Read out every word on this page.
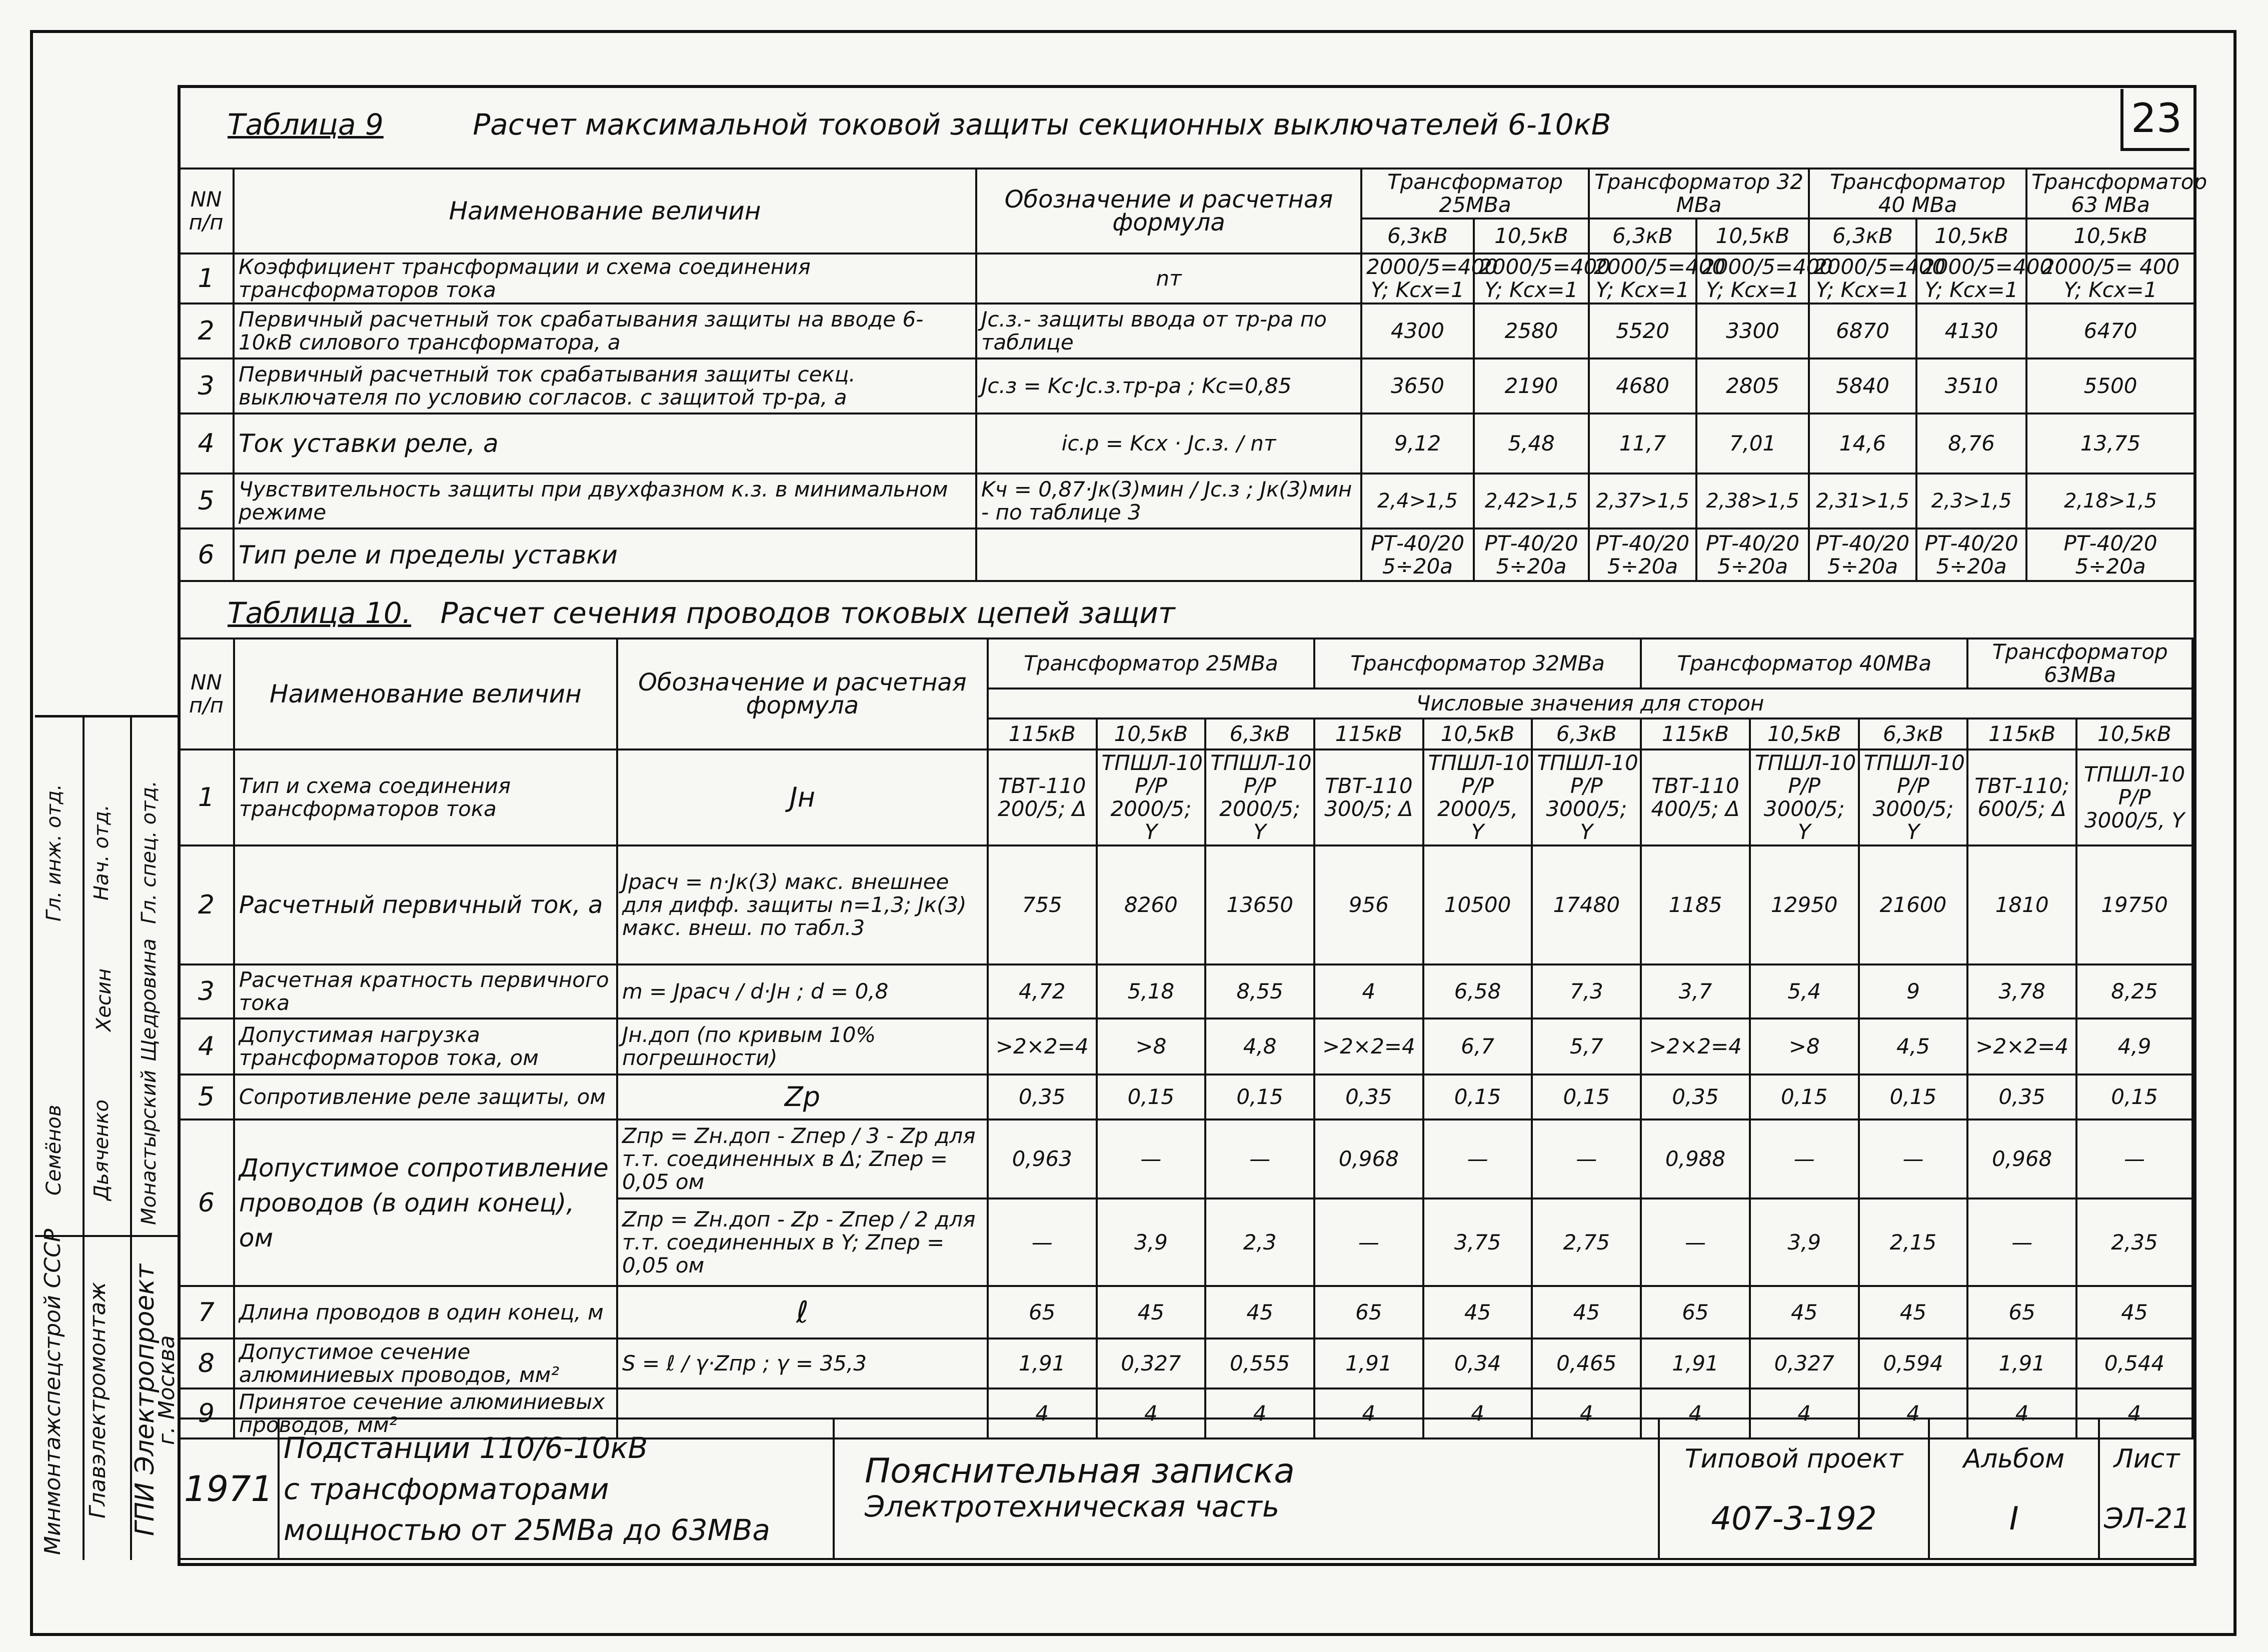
23
Таблица 9	Расчет максимальной токовой защиты секционных выключателей 6-10кВ
NN п/п	Наименование величин	Обозначение и расчетная формула	Трансформатор 25МВа		Трансформатор 32 МВа		Трансформатор 40 МВа		Трансформатор 63 МВа
			6,3кВ	10,5кВ	6,3кВ	10,5кВ	6,3кВ	10,5кВ	10,5кВ
1	Коэффициент трансформации и схема соединения трансформаторов тока	nт	2000/5=400 Y; Kсх=1	2000/5=400 Y; Kсх=1	2000/5=400 Y; Kсх=1	2000/5=400 Y; Kсх=1	2000/5=400 Y; Kсх=1	2000/5=400 Y; Kсх=1	2000/5= 400 Y; Kсх=1
2	Первичный расчетный ток срабатывания защиты на вводе 6-10кВ силового трансформатора, а	Jс.з.- защиты ввода от тр-ра по таблице	4300	2580	5520	3300	6870	4130	6470
3	Первичный расчетный ток срабатывания защиты секц. выключателя по условию согласов. с защитой тр-ра, а	Jс.з = Kс·Jс.з.тр-ра ; Kс=0,85	3650	2190	4680	2805	5840	3510	5500
4	Ток уставки реле, а	iс.р = Kсх · Jс.з. / nт	9,12	5,48	11,7	7,01	14,6	8,76	13,75
5	Чувствительность защиты при двухфазном к.з. в минимальном режиме	Kч = 0,87·Jк(3)мин / Jс.з ; Jк(3)мин - по таблице 3	2,4>1,5	2,42>1,5	2,37>1,5	2,38>1,5	2,31>1,5	2,3>1,5	2,18>1,5
6	Тип реле и пределы уставки		РТ-40/20 5÷20а	РТ-40/20 5÷20а	РТ-40/20 5÷20а	РТ-40/20 5÷20а	РТ-40/20 5÷20а	РТ-40/20 5÷20а	РТ-40/20 5÷20а
Таблица 10. Расчет сечения проводов токовых цепей защит
NN п/п	Наименование величин	Обозначение и расчетная формула	Трансформатор 25МВа			Трансформатор 32МВа			Трансформатор 40МВа			Трансформатор 63МВа	
			Числовые значения для сторон										
			115кВ	10,5кВ	6,3кВ	115кВ	10,5кВ	6,3кВ	115кВ	10,5кВ	6,3кВ	115кВ	10,5кВ
1	Тип и схема соединения трансформаторов тока	Jн	ТВТ-110 200/5; Δ	ТПШЛ-10 Р/Р 2000/5; Y	ТПШЛ-10 Р/Р 2000/5; Y	ТВТ-110 300/5; Δ	ТПШЛ-10 Р/Р 2000/5, Y	ТПШЛ-10 Р/Р 3000/5; Y	ТВТ-110 400/5; Δ	ТПШЛ-10 Р/Р 3000/5; Y	ТПШЛ-10 Р/Р 3000/5; Y	ТВТ-110; 600/5; Δ	ТПШЛ-10 Р/Р 3000/5, Y
2	Расчетный первичный ток, а	Jрасч = n·Jк(3) макс. внешнее для дифф. защиты n=1,3; Jк(3) макс. внеш. по табл.3	755	8260	13650	956	10500	17480	1185	12950	21600	1810	19750
3	Расчетная кратность первичного тока	m = Jрасч / d·Jн ; d = 0,8	4,72	5,18	8,55	4	6,58	7,3	3,7	5,4	9	3,78	8,25
4	Допустимая нагрузка трансформаторов тока, ом	Jн.доп (по кривым 10% погрешности)	>2×2=4	>8	4,8	>2×2=4	6,7	5,7	>2×2=4	>8	4,5	>2×2=4	4,9
5	Сопротивление реле защиты, ом	Zр	0,35	0,15	0,15	0,35	0,15	0,15	0,35	0,15	0,15	0,35	0,15
6	Допустимое сопротивление проводов (в один конец), ом	Zпр = Zн.доп - Zпер / 3 - Zр для т.т. соединенных в Δ; Zпер = 0,05 ом	0,963	—	—	0,968	—	—	0,988	—	—	0,968	—
		Zпр = Zн.доп - Zр - Zпер / 2 для т.т. соединенных в Y; Zпер = 0,05 ом	—	3,9	2,3	—	3,75	2,75	—	3,9	2,15	—	2,35
7	Длина проводов в один конец, м	ℓ	65	45	45	65	45	45	65	45	45	65	45
8	Допустимое сечение алюминиевых проводов, мм²	S = ℓ / γ·Zпр ; γ = 35,3	1,91	0,327	0,555	1,91	0,34	0,465	1,91	0,327	0,594	1,91	0,544
9	Принятое сечение алюминиевых проводов, мм²		4	4	4	4	4	4	4	4	4	4	4
1971	
Подстанции 110/6-10кВ
с трансформаторами
мощностью от 25МВа до 63МВа

Пояснительная записка
Электротехническая часть

Типовой проект
407-3-192

Альбом
I

Лист
ЭЛ-21
Минмонтажспецстрой СССР Главэлектромонтаж ГПИ Электропроект
г. Москва
Семёнов Дьяченко Монастырский
Хесин Щедровина
Гл. инж. отд. Нач. отд. Гл. спец. отд.
